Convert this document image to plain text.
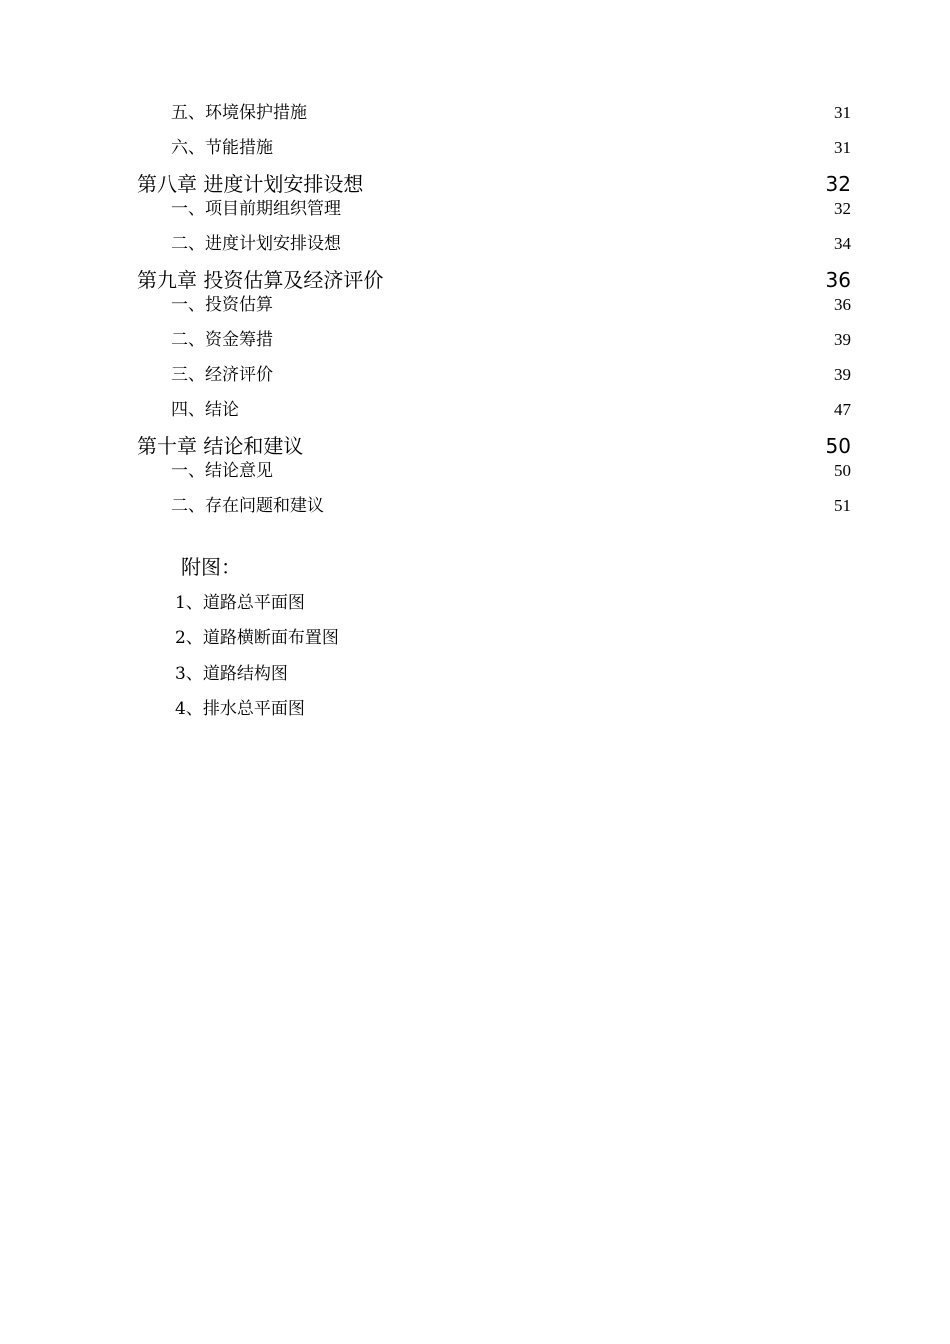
五、环境保护措施	31
六、节能措施	31
第八章 进度计划安排设想	32
一、项目前期组织管理	32
二、进度计划安排设想	34
第九章 投资估算及经济评价	36
一、投资估算	36
二、资金筹措	39
三、经济评价	39
四、结论	47
第十章 结论和建议	50
一、结论意见	50
二、存在问题和建议	51
附图：
1、道路总平面图
2、道路横断面布置图
3、道路结构图
4、排水总平面图
